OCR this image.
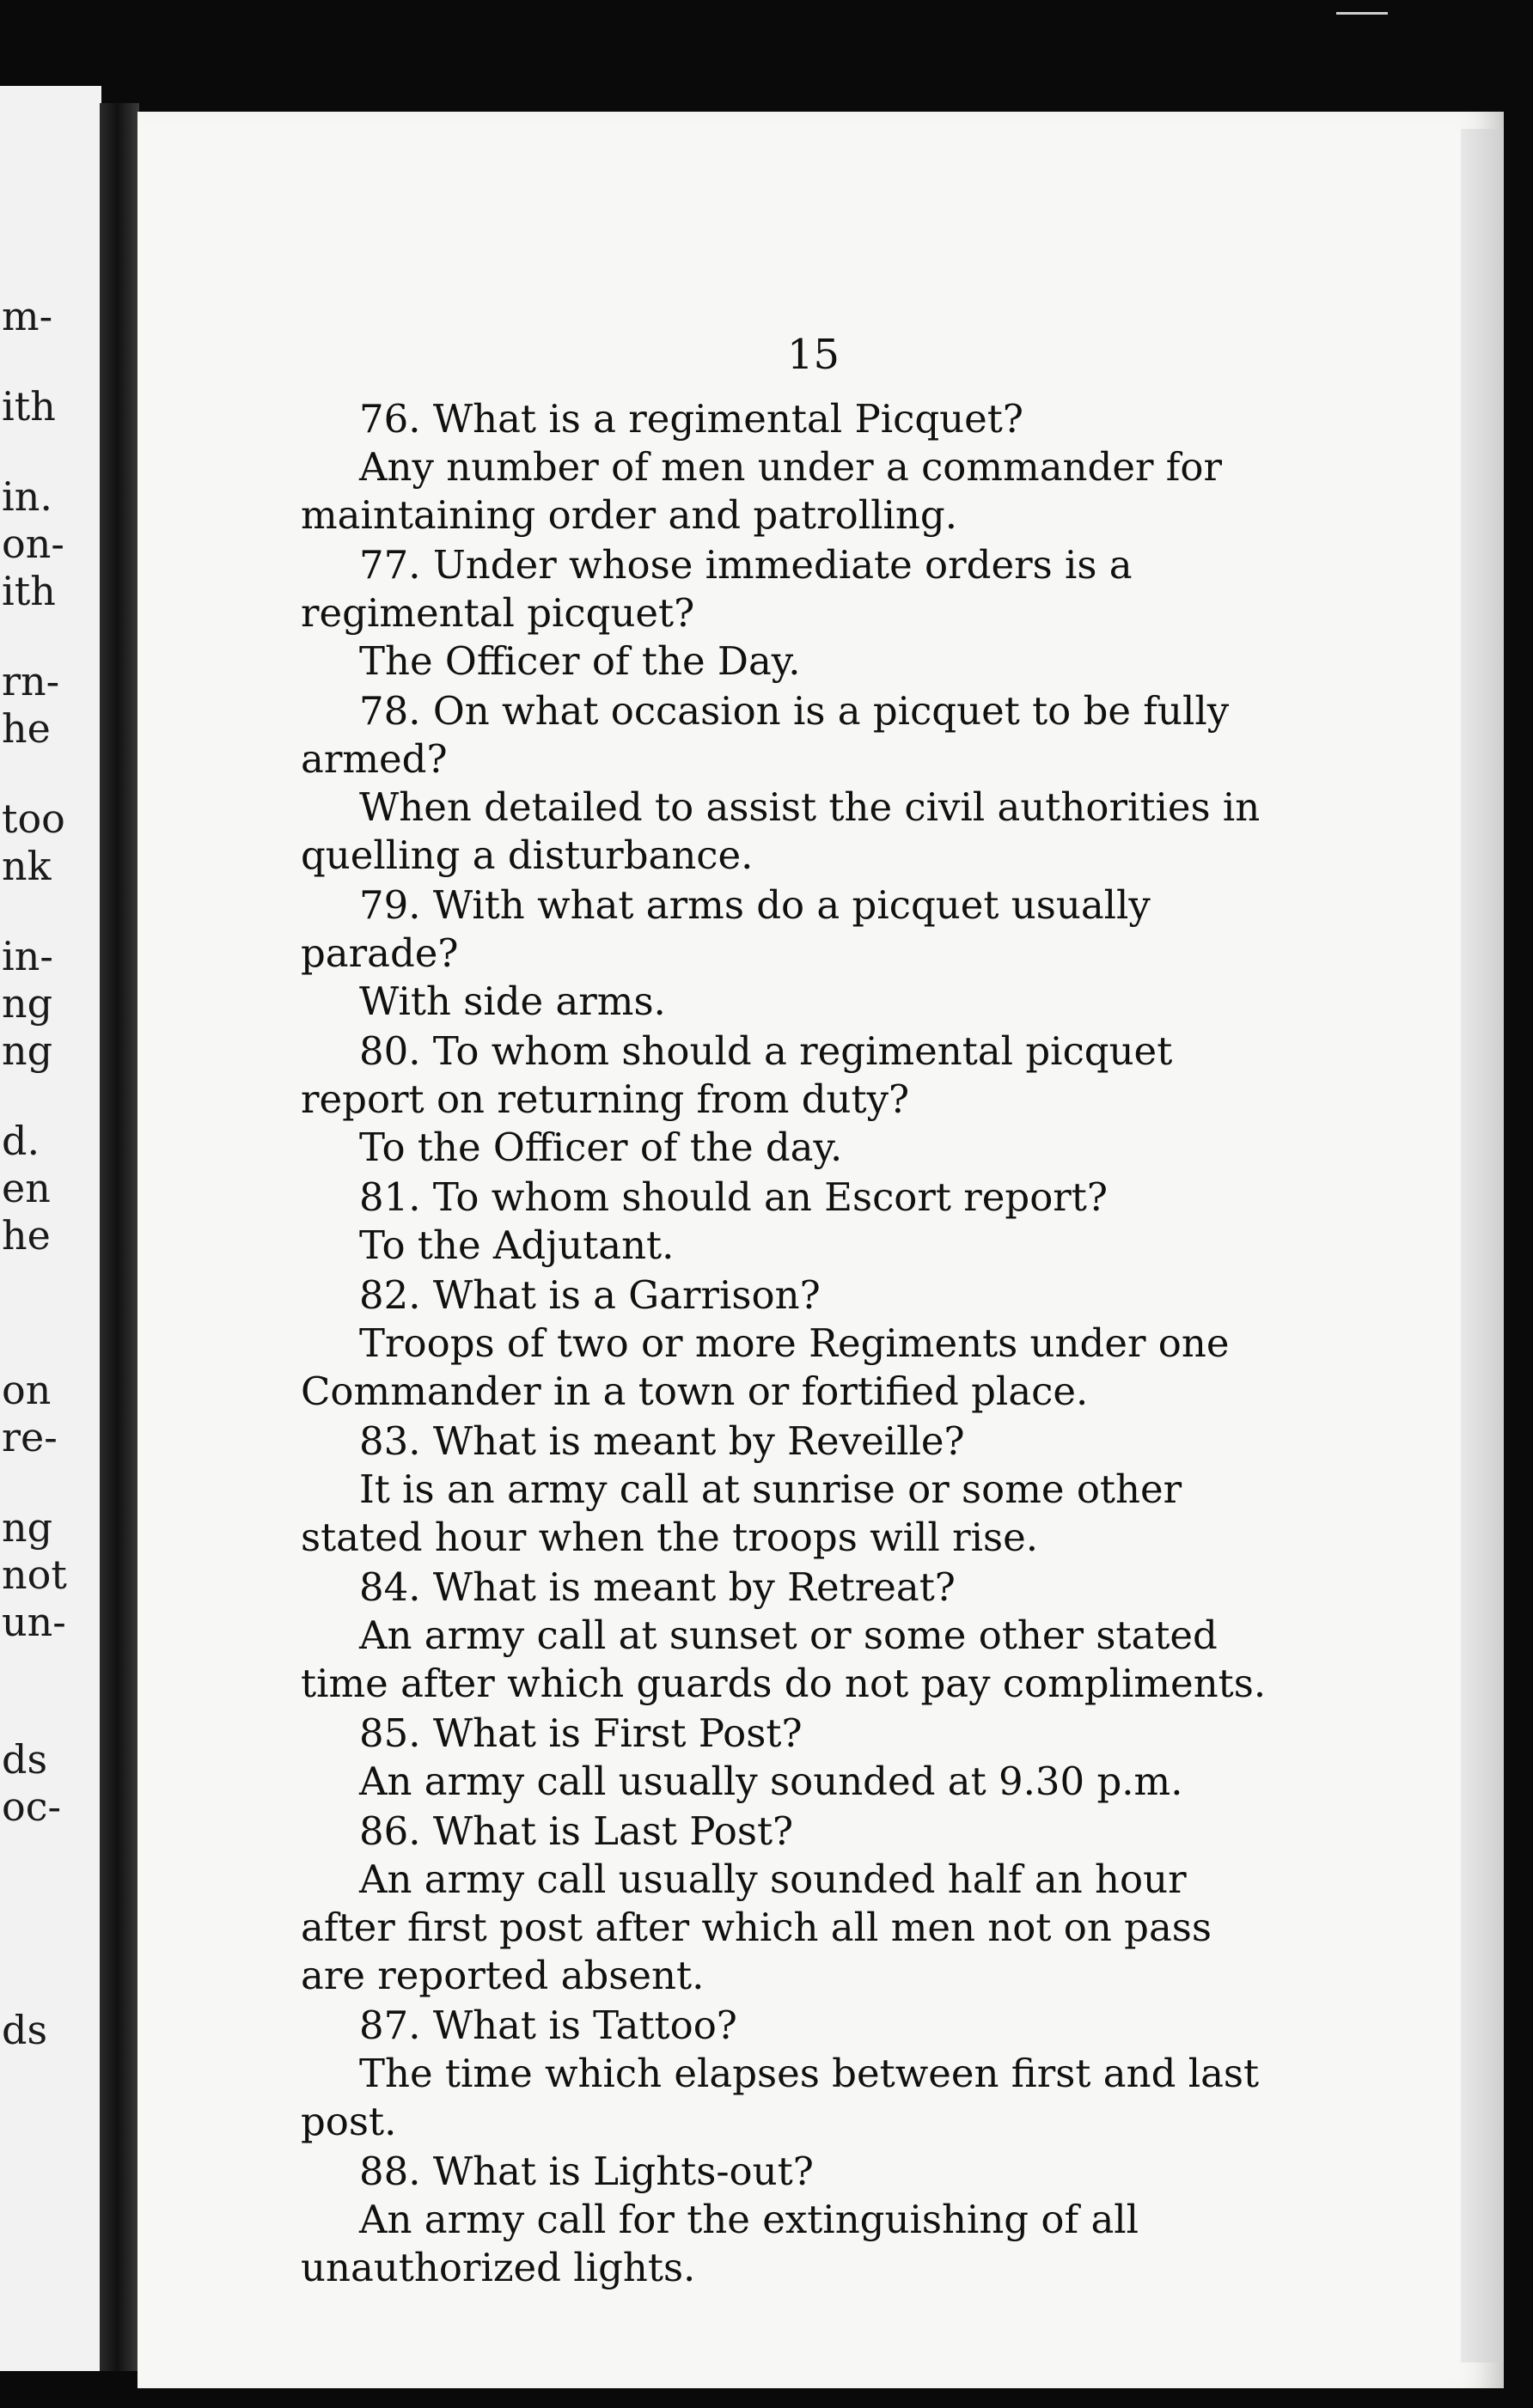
m-
ith
in.
on-
ith
rn-
he
too
nk
in-
ng
ng
d.
en
he
on
re-
ng
not
un-
ds
oc-
ds
15

76. What is a regimental Picquet?

Any number of men under a commander for maintaining order and patrolling.

77. Under whose immediate orders is a regimental picquet?

The Officer of the Day.

78. On what occasion is a picquet to be fully armed?

When detailed to assist the civil authorities in quelling a disturbance.

79. With what arms do a picquet usually parade?

With side arms.

80. To whom should a regimental picquet report on returning from duty?

To the Officer of the day.

81. To whom should an Escort report?

To the Adjutant.

82. What is a Garrison?

Troops of two or more Regiments under one Commander in a town or fortified place.

83. What is meant by Reveille?

It is an army call at sunrise or some other stated hour when the troops will rise.

84. What is meant by Retreat?

An army call at sunset or some other stated time after which guards do not pay compliments.

85. What is First Post?

An army call usually sounded at 9.30 p.m.

86. What is Last Post?

An army call usually sounded half an hour after first post after which all men not on pass are reported absent.

87. What is Tattoo?

The time which elapses between first and last post.

88. What is Lights-out?

An army call for the extinguishing of all unauthorized lights.
